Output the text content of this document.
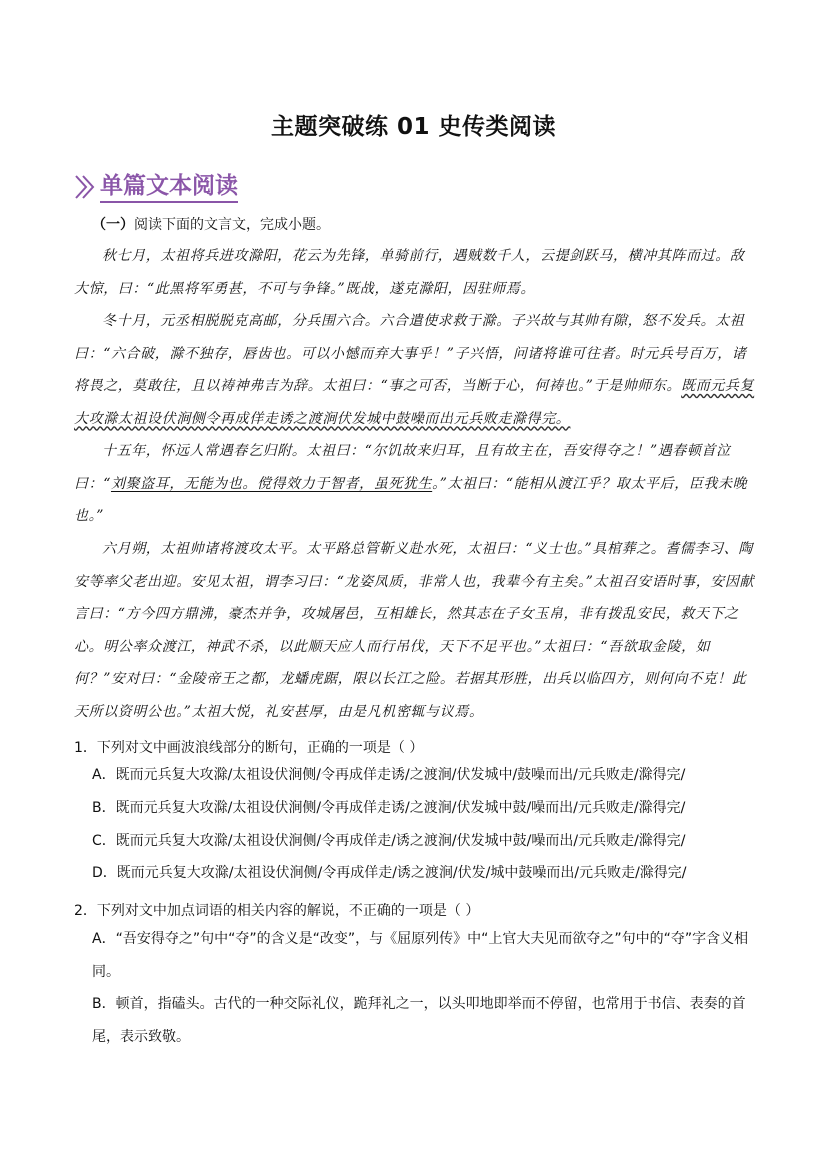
主题突破练 01 史传类阅读
单篇文本阅读
（一）阅读下面的文言文，完成小题。

秋七月，太祖将兵进攻滁阳，花云为先锋，单骑前行，遇贼数千人，云提剑跃马，横冲其阵而过。敌大惊，曰：“此黑将军勇甚，不可与争锋。”既战，遂克滁阳，因驻师焉。

冬十月，元丞相脱脱克高邮，分兵围六合。六合遣使求救于滁。子兴故与其帅有隙，怒不发兵。太祖曰：“六合破，滁不独存，唇齿也。可以小憾而弃大事乎！”子兴悟，问诸将谁可往者。时元兵号百万，诸将畏之，莫敢往，且以祷神弗吉为辞。太祖曰：“事之可否，当断于心，何祷也。”于是帅师东。既而元兵复大攻滁太祖设伏涧侧令再成佯走诱之渡涧伏发城中鼓噪而出元兵败走滁得完。

十五年，怀远人常遇春乞归附。太祖曰：“尔饥故来归耳，且有故主在，吾安得夺之！”遇春顿首泣曰：“刘聚盗耳，无能为也。傥得效力于智者，虽死犹生。”太祖曰：“能相从渡江乎？取太平后，臣我未晚也。”

六月朔，太祖帅诸将渡攻太平。太平路总管靳义赴水死，太祖曰：“义士也。”具棺葬之。耆儒李习、陶安等率父老出迎。安见太祖，谓李习曰：“龙姿凤质，非常人也，我辈今有主矣。”太祖召安语时事，安因献言曰：“方今四方鼎沸，豪杰并争，攻城屠邑，互相雄长，然其志在子女玉帛，非有拨乱安民，救天下之心。明公率众渡江，神武不杀，以此顺天应人而行吊伐，天下不足平也。”太祖曰：“吾欲取金陵，如何？”安对曰：“金陵帝王之都，龙蟠虎踞，限以长江之险。若据其形胜，出兵以临四方，则何向不克！此天所以资明公也。”太祖大悦，礼安甚厚，由是凡机密辄与议焉。

1．下列对文中画波浪线部分的断句，正确的一项是（ ）
A．既而元兵复大攻滁/太祖设伏涧侧/令再成佯走诱/之渡涧/伏发城中/鼓噪而出/元兵败走/滁得完/
B．既而元兵复大攻滁/太祖设伏涧侧/令再成佯走诱/之渡涧/伏发城中鼓/噪而出/元兵败走/滁得完/
C．既而元兵复大攻滁/太祖设伏涧侧/令再成佯走/诱之渡涧/伏发城中鼓/噪而出/元兵败走/滁得完/
D．既而元兵复大攻滁/太祖设伏涧侧/令再成佯走/诱之渡涧/伏发/城中鼓噪而出/元兵败走/滁得完/
2．下列对文中加点词语的相关内容的解说，不正确的一项是（ ）
A．“吾安得夺之”句中“夺”的含义是“改变”，与《屈原列传》中“上官大夫见而欲夺之”句中的“夺”字含义相同。
B．顿首，指磕头。古代的一种交际礼仪，跪拜礼之一，以头叩地即举而不停留，也常用于书信、表奏的首尾，表示致敬。
